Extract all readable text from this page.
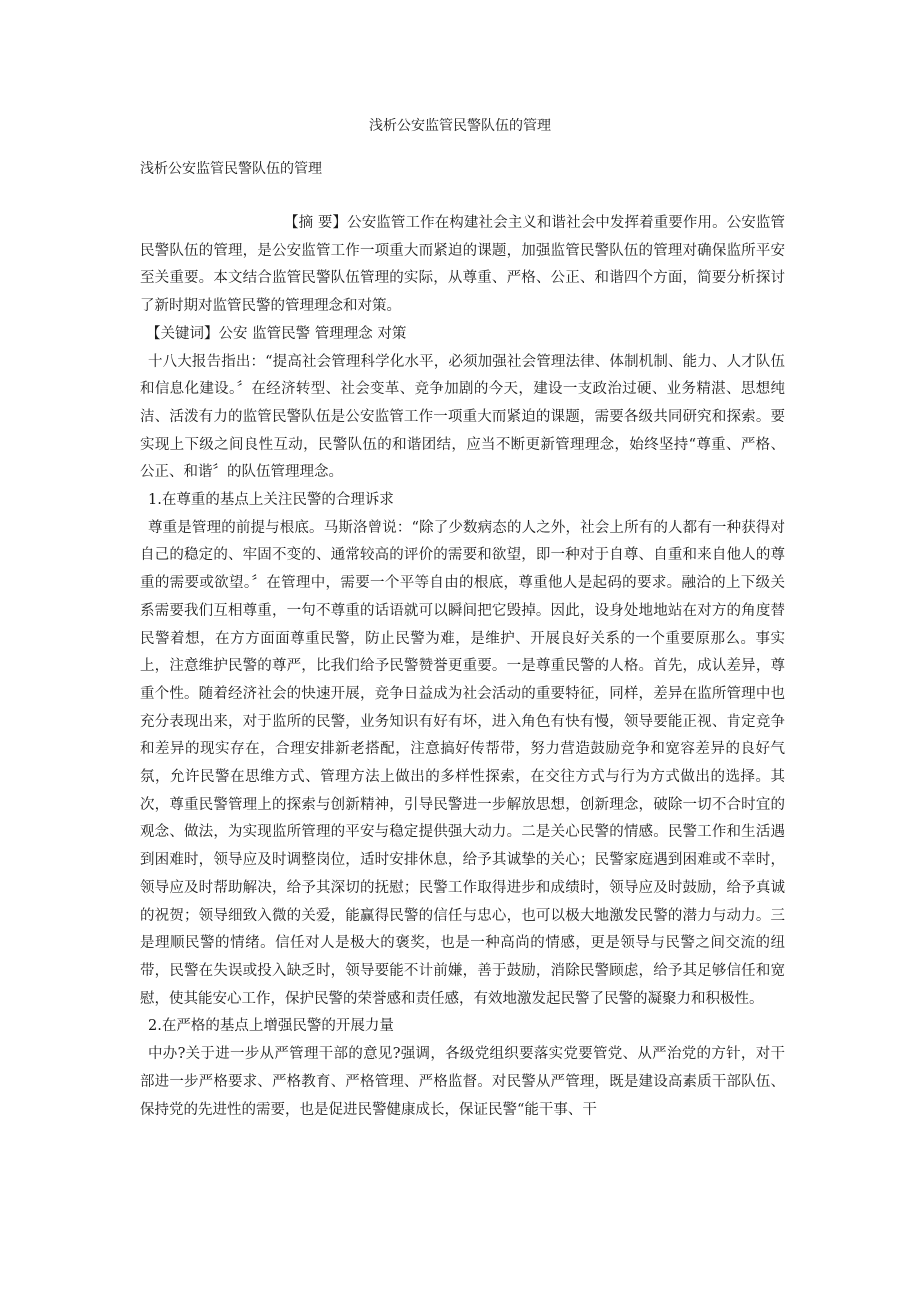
浅析公安监管民警队伍的管理
浅析公安监管民警队伍的管理

【摘 要】公安监管工作在构建社会主义和谐社会中发挥着重要作用。公安监管民警队伍的管理，是公安监管工作一项重大而紧迫的课题，加强监管民警队伍的管理对确保监所平安至关重要。本文结合监管民警队伍管理的实际，从尊重、严格、公正、和谐四个方面，简要分析探讨了新时期对监管民警的管理理念和对策。

【关键词】公安 监管民警 管理理念 对策

十八大报告指出：“提高社会管理科学化水平，必须加强社会管理法律、体制机制、能力、人才队伍和信息化建设。〞在经济转型、社会变革、竞争加剧的今天，建设一支政治过硬、业务精湛、思想纯洁、活泼有力的监管民警队伍是公安监管工作一项重大而紧迫的课题，需要各级共同研究和探索。要实现上下级之间良性互动，民警队伍的和谐团结，应当不断更新管理理念，始终坚持“尊重、严格、公正、和谐〞的队伍管理理念。

1.在尊重的基点上关注民警的合理诉求

尊重是管理的前提与根底。马斯洛曾说：“除了少数病态的人之外，社会上所有的人都有一种获得对自己的稳定的、牢固不变的、通常较高的评价的需要和欲望，即一种对于自尊、自重和来自他人的尊重的需要或欲望。〞在管理中，需要一个平等自由的根底，尊重他人是起码的要求。融洽的上下级关系需要我们互相尊重，一句不尊重的话语就可以瞬间把它毁掉。因此，设身处地地站在对方的角度替民警着想，在方方面面尊重民警，防止民警为难，是维护、开展良好关系的一个重要原那么。事实上，注意维护民警的尊严，比我们给予民警赞誉更重要。一是尊重民警的人格。首先，成认差异，尊重个性。随着经济社会的快速开展，竞争日益成为社会活动的重要特征，同样，差异在监所管理中也充分表现出来，对于监所的民警，业务知识有好有坏，进入角色有快有慢，领导要能正视、肯定竞争和差异的现实存在，合理安排新老搭配，注意搞好传帮带，努力营造鼓励竞争和宽容差异的良好气氛，允许民警在思维方式、管理方法上做出的多样性探索，在交往方式与行为方式做出的选择。其次，尊重民警管理上的探索与创新精神，引导民警进一步解放思想，创新理念，破除一切不合时宜的观念、做法，为实现监所管理的平安与稳定提供强大动力。二是关心民警的情感。民警工作和生活遇到困难时，领导应及时调整岗位，适时安排休息，给予其诚挚的关心；民警家庭遇到困难或不幸时，领导应及时帮助解决，给予其深切的抚慰；民警工作取得进步和成绩时，领导应及时鼓励，给予真诚的祝贺；领导细致入微的关爱，能赢得民警的信任与忠心，也可以极大地激发民警的潜力与动力。三是理顺民警的情绪。信任对人是极大的褒奖，也是一种高尚的情感，更是领导与民警之间交流的纽带，民警在失误或投入缺乏时，领导要能不计前嫌，善于鼓励，消除民警顾虑，给予其足够信任和宽慰，使其能安心工作，保护民警的荣誉感和责任感，有效地激发起民警了民警的凝聚力和积极性。

2.在严格的基点上增强民警的开展力量

中办?关于进一步从严管理干部的意见?强调，各级党组织要落实党要管党、从严治党的方针，对干部进一步严格要求、严格教育、严格管理、严格监督。对民警从严管理，既是建设高素质干部队伍、保持党的先进性的需要，也是促进民警健康成长，保证民警“能干事、干
